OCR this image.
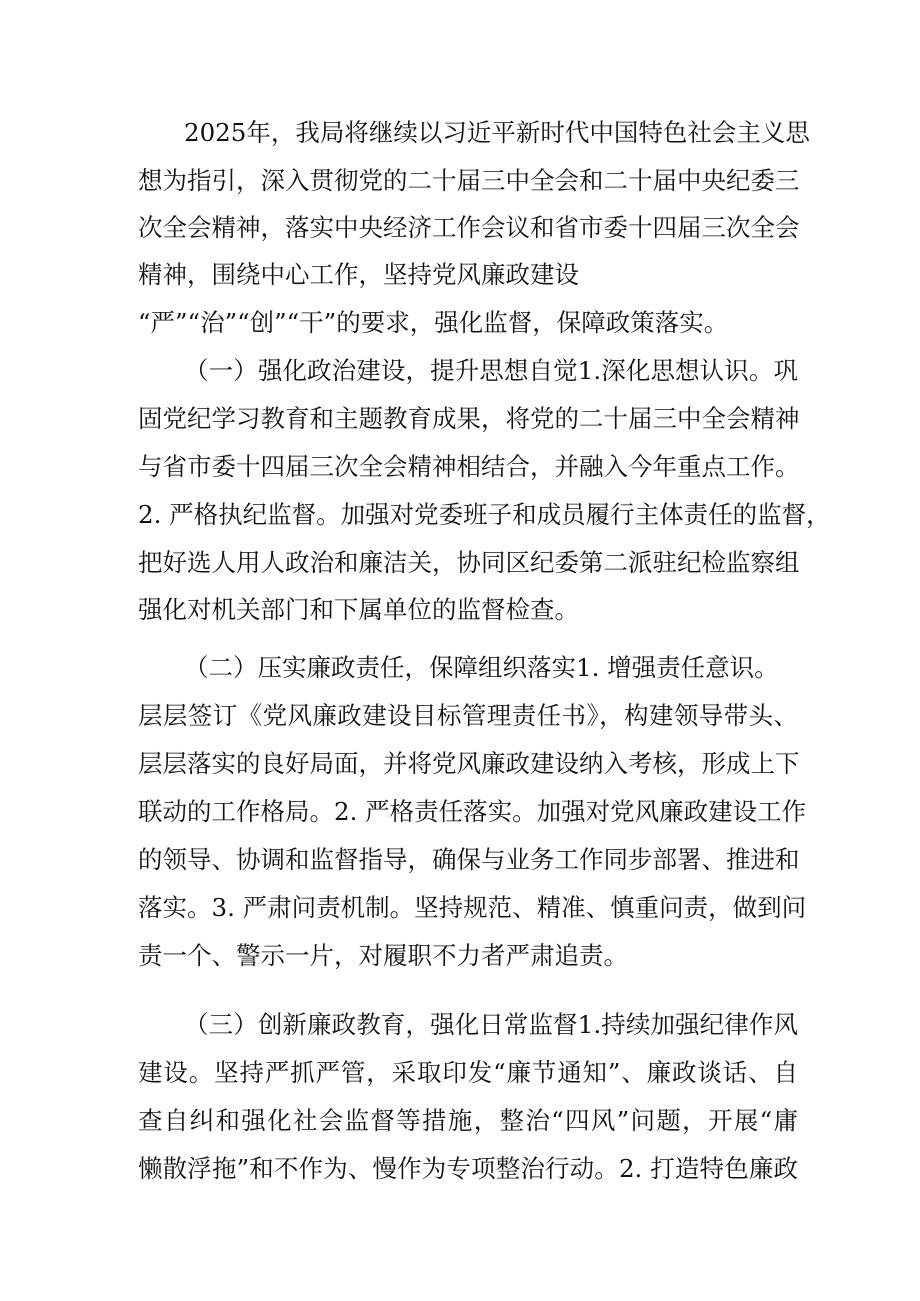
2025年，我局将继续以习近平新时代中国特色社会主义思
想为指引，深入贯彻党的二十届三中全会和二十届中央纪委三
次全会精神，落实中央经济工作会议和省市委十四届三次全会
精神，围绕中心工作，坚持党风廉政建设
“严”“治”“创”“干”的要求，强化监督，保障政策落实。
（一）强化政治建设，提升思想自觉1.深化思想认识。巩
固党纪学习教育和主题教育成果，将党的二十届三中全会精神
与省市委十四届三次全会精神相结合，并融入今年重点工作。
2. 严格执纪监督。加强对党委班子和成员履行主体责任的监督，
把好选人用人政治和廉洁关，协同区纪委第二派驻纪检监察组
强化对机关部门和下属单位的监督检查。
（二）压实廉政责任，保障组织落实1. 增强责任意识。
层层签订《党风廉政建设目标管理责任书》，构建领导带头、
层层落实的良好局面，并将党风廉政建设纳入考核，形成上下
联动的工作格局。2. 严格责任落实。加强对党风廉政建设工作
的领导、协调和监督指导，确保与业务工作同步部署、推进和
落实。3. 严肃问责机制。坚持规范、精准、慎重问责，做到问
责一个、警示一片，对履职不力者严肃追责。
（三）创新廉政教育，强化日常监督1.持续加强纪律作风
建设。坚持严抓严管，采取印发“廉节通知”、廉政谈话、自
查自纠和强化社会监督等措施，整治“四风”问题，开展“庸
懒散浮拖”和不作为、慢作为专项整治行动。2. 打造特色廉政
